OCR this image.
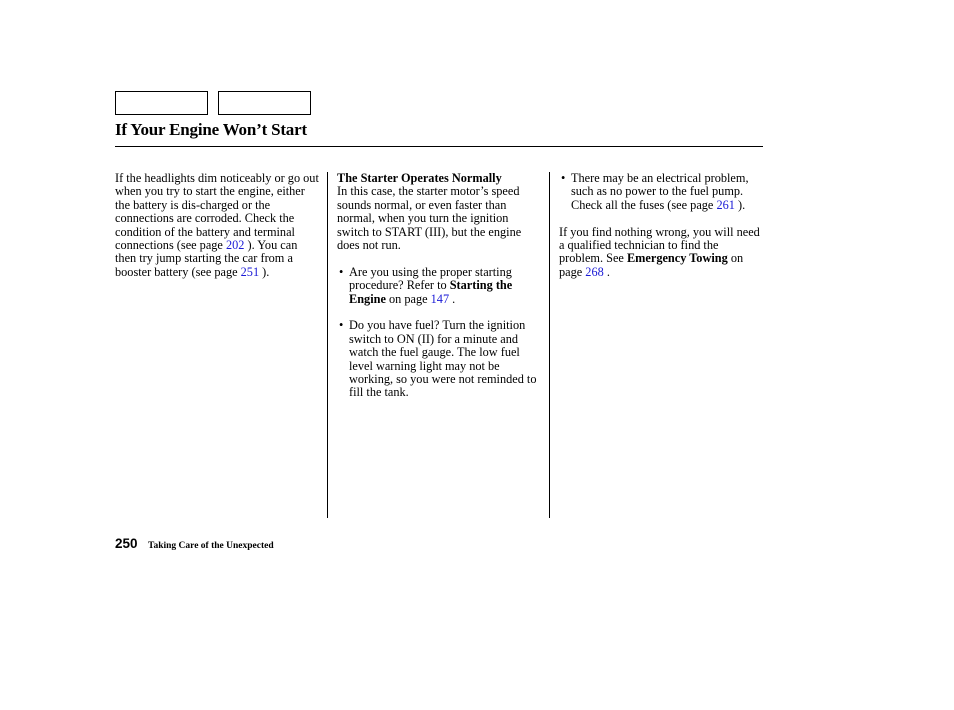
If Your Engine Won’t Start

If the headlights dim noticeably or go out when you try to start the engine, either the battery is dis-charged or the connections are corroded. Check the condition of the battery and terminal connections (see page 202 ). You can then try jump starting the car from a booster battery (see page 251 ).

The Starter Operates Normally

In this case, the starter motor’s speed sounds normal, or even faster than normal, when you turn the ignition switch to START (III), but the engine does not run.

• Are you using the proper starting procedure? Refer to Starting the Engine on page 147 .
• Do you have fuel? Turn the ignition switch to ON (II) for a minute and watch the fuel gauge. The low fuel level warning light may not be working, so you were not reminded to fill the tank.
• There may be an electrical problem, such as no power to the fuel pump. Check all the fuses (see page 261 ).

If you find nothing wrong, you will need a qualified technician to find the problem. See Emergency Towing on page 268 .

250 Taking Care of the Unexpected
